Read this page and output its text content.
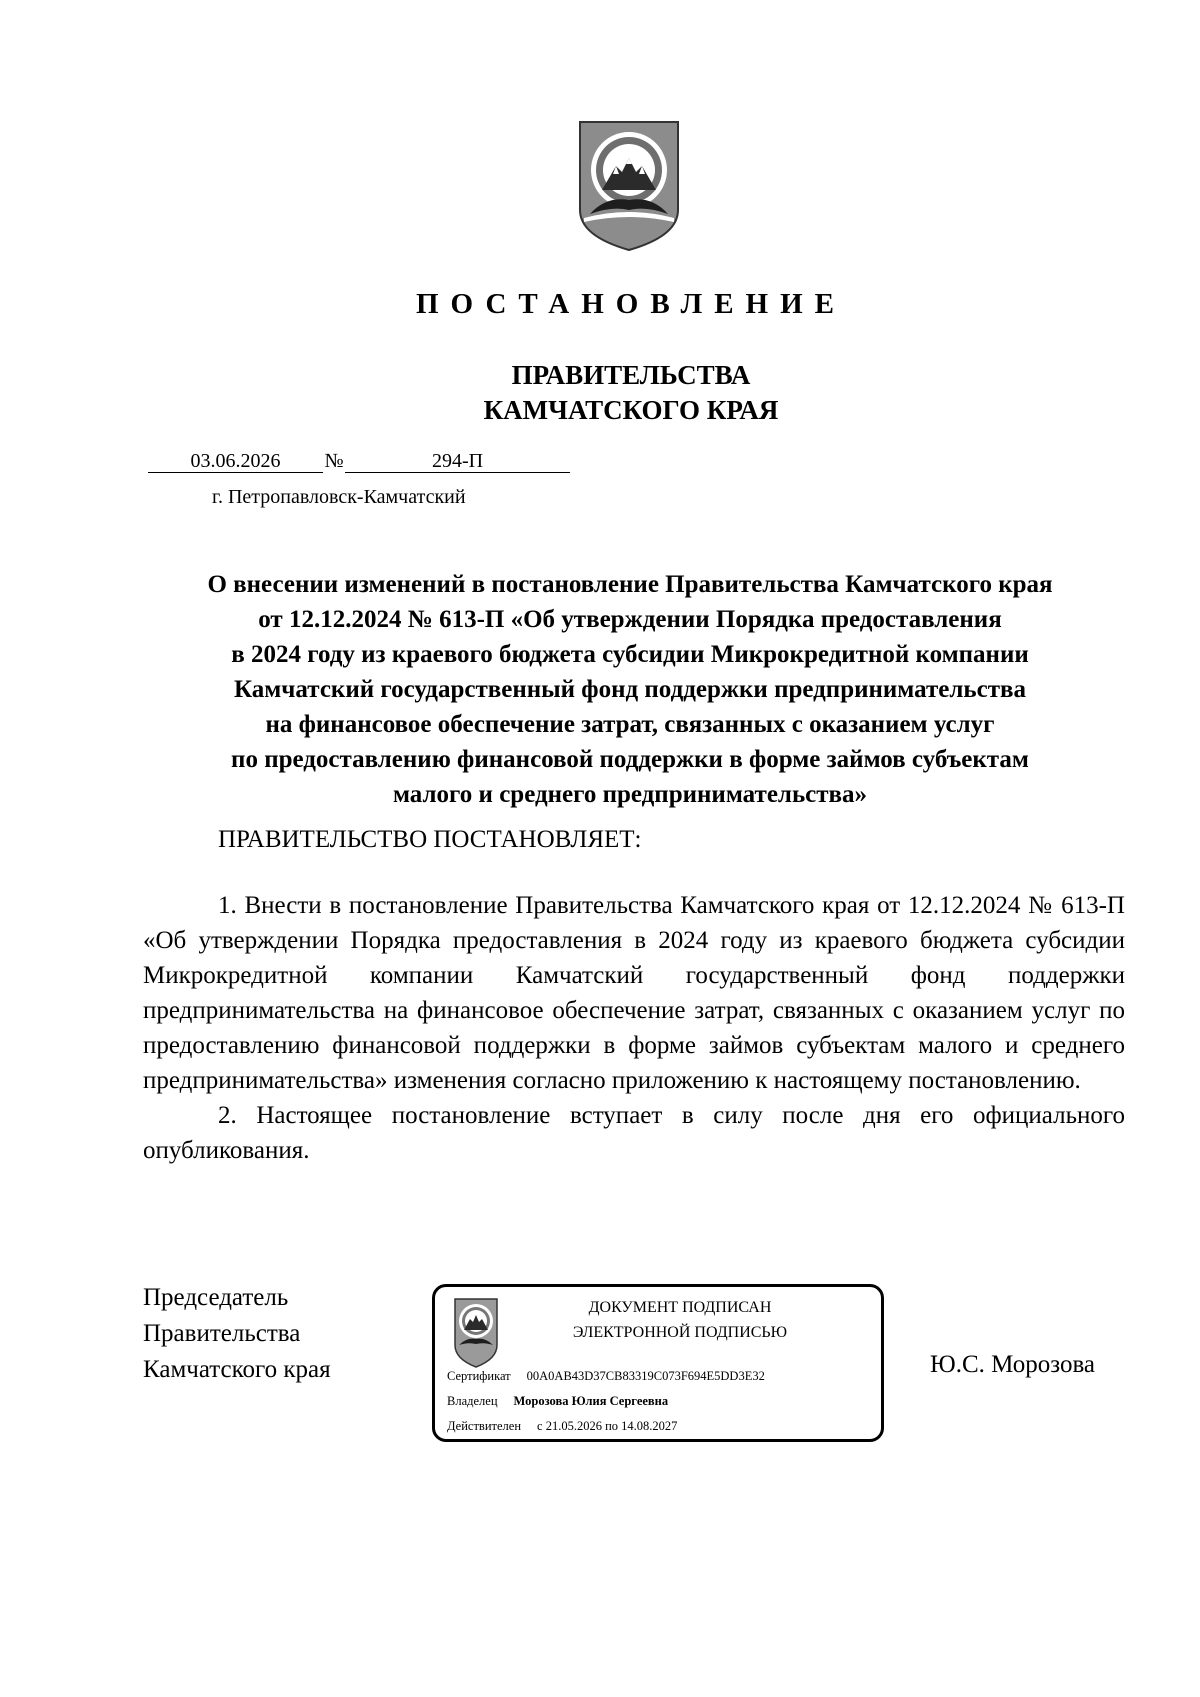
ПОСТАНОВЛЕНИЕ
ПРАВИТЕЛЬСТВА
КАМЧАТСКОГО КРАЯ
03.06.2026 №	294-П
г. Петропавловск-Камчатский
О внесении изменений в постановление Правительства Камчатского края
от 12.12.2024 № 613-П «Об утверждении Порядка предоставления
в 2024 году из краевого бюджета субсидии Микрокредитной компании
Камчатский государственный фонд поддержки предпринимательства
на финансовое обеспечение затрат, связанных с оказанием услуг
по предоставлению финансовой поддержки в форме займов субъектам
малого и среднего предпринимательства»
ПРАВИТЕЛЬСТВО ПОСТАНОВЛЯЕТ:

1. Внести в постановление Правительства Камчатского края от 12.12.2024 № 613-П «Об утверждении Порядка предоставления в 2024 году из краевого бюджета субсидии Микрокредитной компании Камчатский государственный фонд поддержки предпринимательства на финансовое обеспечение затрат, связанных с оказанием услуг по предоставлению финансовой поддержки в форме займов субъектам малого и среднего предпринимательства» изменения согласно приложению к настоящему постановлению.

2. Настоящее постановление вступает в силу после дня его официального опубликования.

Председатель
Правительства
Камчатского края
ДОКУМЕНТ ПОДПИСАН
ЭЛЕКТРОННОЙ ПОДПИСЬЮ
Сертификат 00A0AB43D37CB83319C073F694E5DD3E32
Владелец Морозова Юлия Сергеевна
Действителен с 21.05.2026 по 14.08.2027
Ю.С. Морозова
